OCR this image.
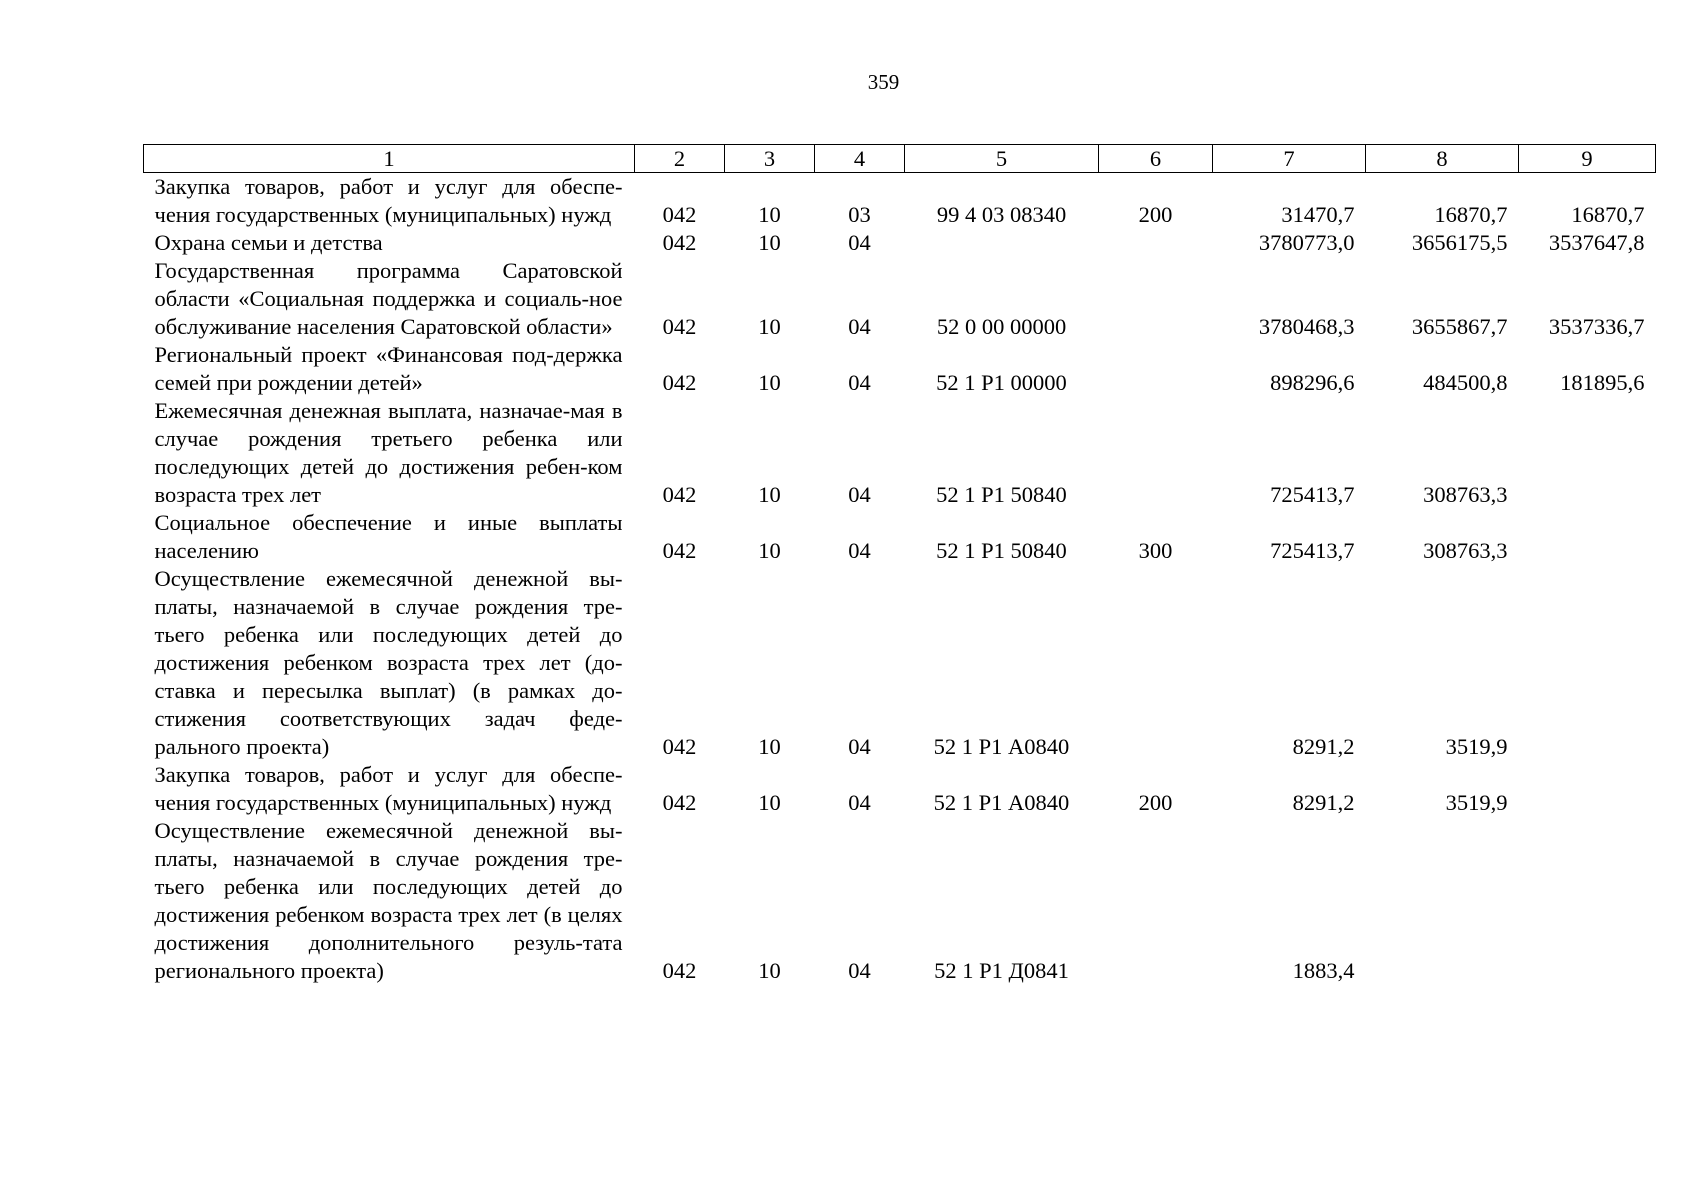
359
1	2	3	4	5	6	7	8	9
Закупка товаров, работ и услуг для обеспе-чения государственных (муниципальных) нужд	042	10	03	99 4 03 08340	200	31470,7	16870,7	16870,7
Охрана семьи и детства	042	10	04			3780773,0	3656175,5	3537647,8
Государственная программа Саратовской области «Социальная поддержка и социаль-ное обслуживание населения Саратовской области»	042	10	04	52 0 00 00000		3780468,3	3655867,7	3537336,7
Региональный проект «Финансовая под-держка семей при рождении детей»	042	10	04	52 1 Р1 00000		898296,6	484500,8	181895,6
Ежемесячная денежная выплата, назначае-мая в случае рождения третьего ребенка или последующих детей до достижения ребен-ком возраста трех лет	042	10	04	52 1 Р1 50840		725413,7	308763,3	
Социальное обеспечение и иные выплаты населению	042	10	04	52 1 Р1 50840	300	725413,7	308763,3	
Осуществление ежемесячной денежной вы-платы, назначаемой в случае рождения тре-тьего ребенка или последующих детей до достижения ребенком возраста трех лет (до-ставка и пересылка выплат) (в рамках до-стижения соответствующих задач феде-рального проекта)	042	10	04	52 1 Р1 А0840		8291,2	3519,9	
Закупка товаров, работ и услуг для обеспе-чения государственных (муниципальных) нужд	042	10	04	52 1 Р1 А0840	200	8291,2	3519,9	
Осуществление ежемесячной денежной вы-платы, назначаемой в случае рождения тре-тьего ребенка или последующих детей до достижения ребенком возраста трех лет (в целях достижения дополнительного резуль-тата регионального проекта)	042	10	04	52 1 Р1 Д0841		1883,4		
